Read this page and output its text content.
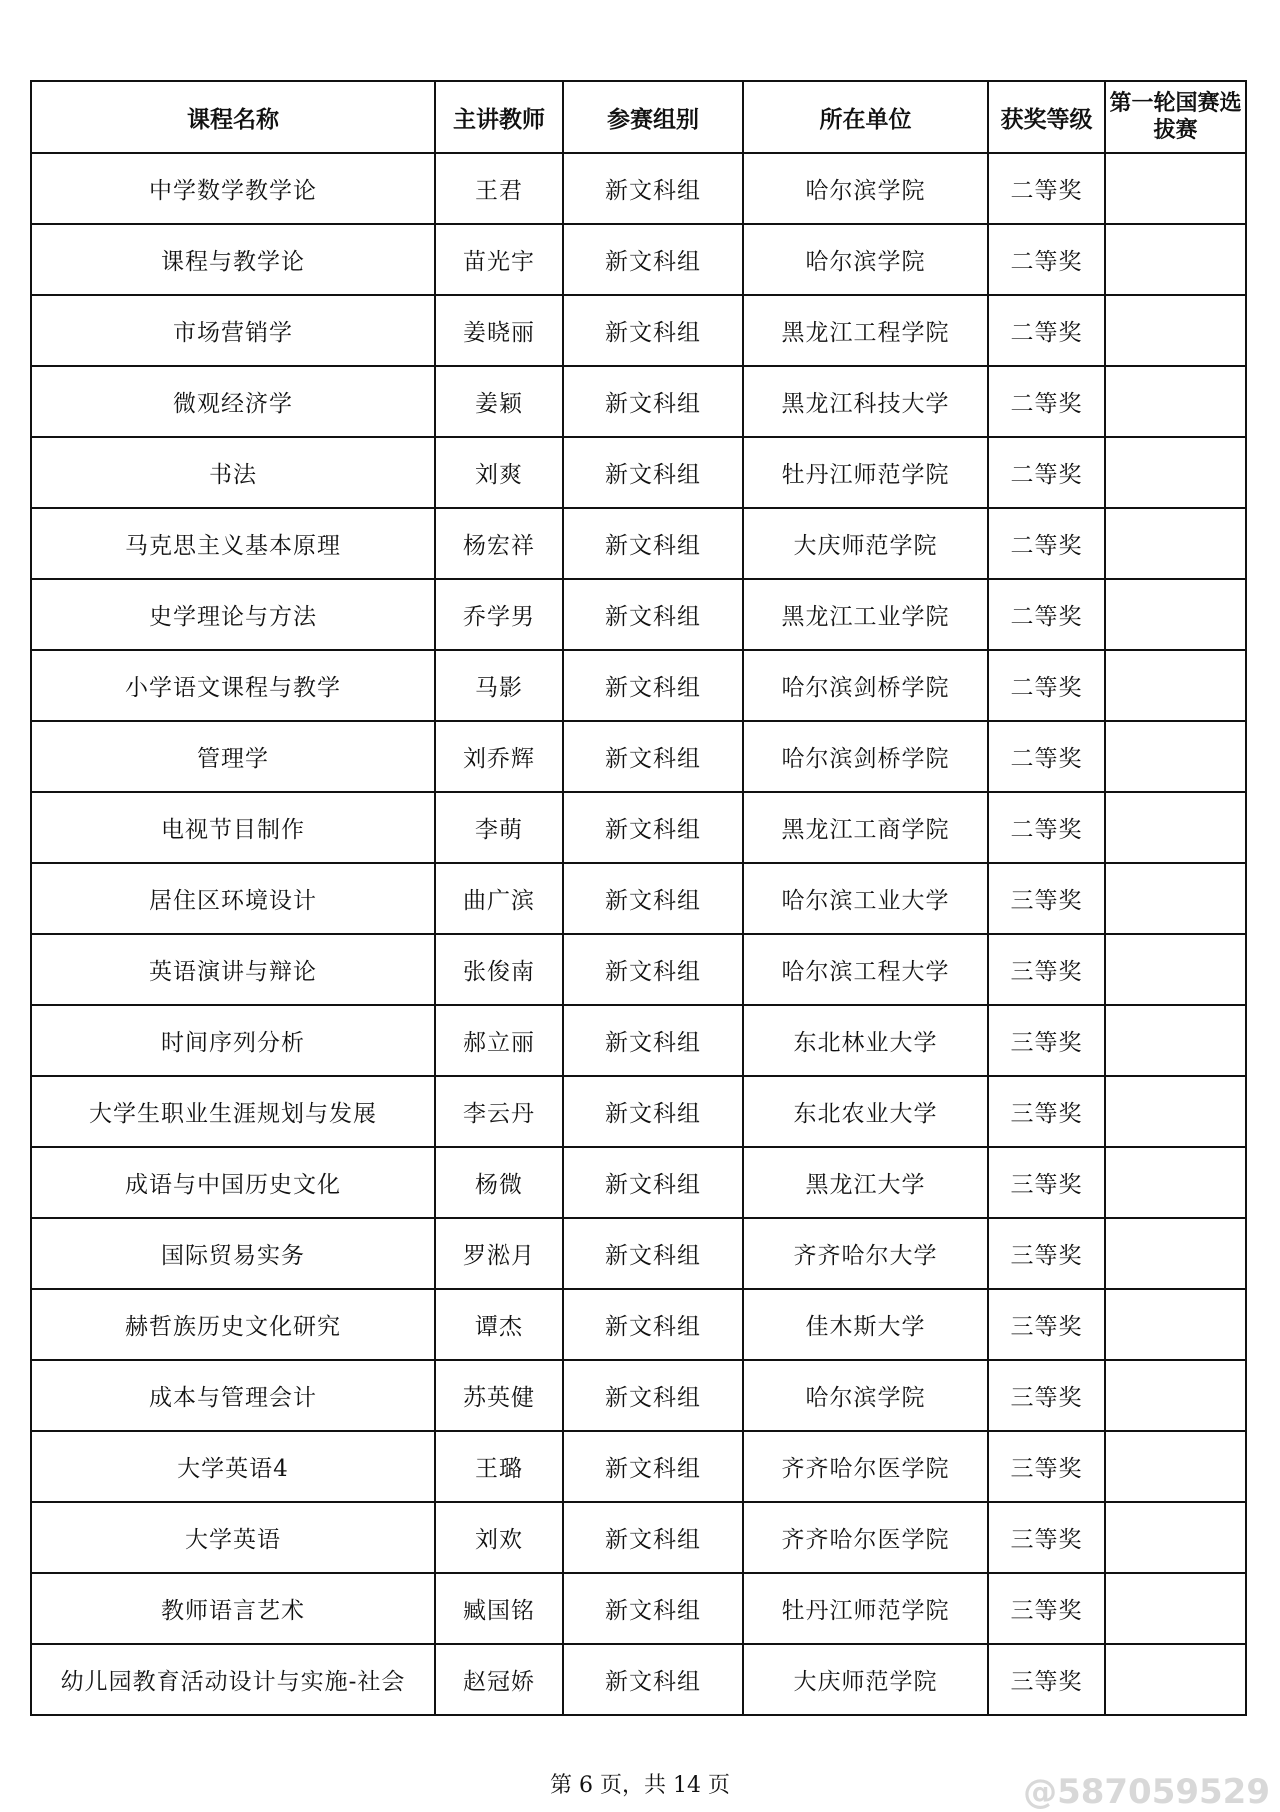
课程名称	主讲教师	参赛组别	所在单位	获奖等级	第一轮国赛选拔赛
中学数学教学论	王君	新文科组	哈尔滨学院	二等奖	
课程与教学论	苗光宇	新文科组	哈尔滨学院	二等奖	
市场营销学	姜晓丽	新文科组	黑龙江工程学院	二等奖	
微观经济学	姜颖	新文科组	黑龙江科技大学	二等奖	
书法	刘爽	新文科组	牡丹江师范学院	二等奖	
马克思主义基本原理	杨宏祥	新文科组	大庆师范学院	二等奖	
史学理论与方法	乔学男	新文科组	黑龙江工业学院	二等奖	
小学语文课程与教学	马影	新文科组	哈尔滨剑桥学院	二等奖	
管理学	刘乔辉	新文科组	哈尔滨剑桥学院	二等奖	
电视节目制作	李萌	新文科组	黑龙江工商学院	二等奖	
居住区环境设计	曲广滨	新文科组	哈尔滨工业大学	三等奖	
英语演讲与辩论	张俊南	新文科组	哈尔滨工程大学	三等奖	
时间序列分析	郝立丽	新文科组	东北林业大学	三等奖	
大学生职业生涯规划与发展	李云丹	新文科组	东北农业大学	三等奖	
成语与中国历史文化	杨微	新文科组	黑龙江大学	三等奖	
国际贸易实务	罗淞月	新文科组	齐齐哈尔大学	三等奖	
赫哲族历史文化研究	谭杰	新文科组	佳木斯大学	三等奖	
成本与管理会计	苏英健	新文科组	哈尔滨学院	三等奖	
大学英语4	王璐	新文科组	齐齐哈尔医学院	三等奖	
大学英语	刘欢	新文科组	齐齐哈尔医学院	三等奖	
教师语言艺术	臧国铭	新文科组	牡丹江师范学院	三等奖	
幼儿园教育活动设计与实施-社会	赵冠娇	新文科组	大庆师范学院	三等奖	
第 6 页，共 14 页	@587059529
